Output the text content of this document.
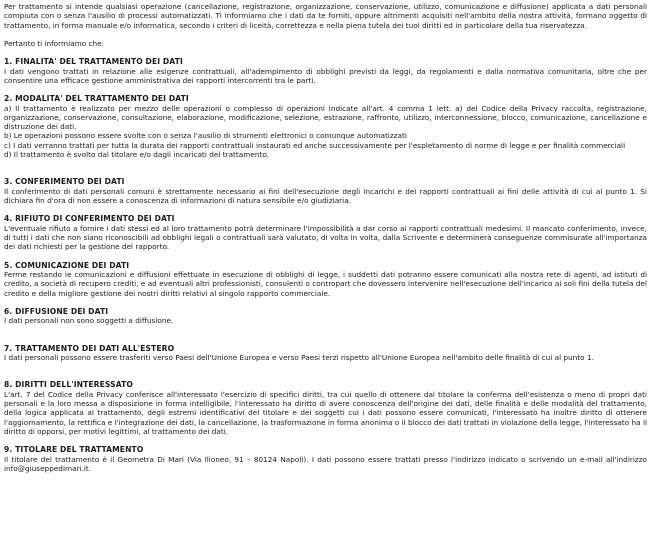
Per trattamento si intende qualsiasi operazione (cancellazione, registrazione, organizzazione, conservazione, utilizzo, comunicazione e diffusione) applicata a dati personali compiuta con o senza l'ausilio di processi automatizzati. Ti informiamo che i dati da te forniti, oppure altrimenti acquisiti nell'ambito della nostra attività, formano oggetto di trattamento, in forma manuale e/o informatica, secondo i criteri di liceità, correttezza e nella piena tutela dei tuoi diritti ed in particolare della tua riservatezza.

Pertanto ti informiamo che:

1. FINALITA' DEL TRATTAMENTO DEI DATI

I dati vengono trattati in relazione alle esigenze contrattuali, all'adempimento di obblighi previsti da leggi, da regolamenti e dalla normativa comunitaria, oltre che per consentire una efficace gestione amministrativa dei rapporti intercorrenti tra le parti.

2. MODALITA' DEL TRATTAMENTO DEI DATI

a) Il trattamento è realizzato per mezzo delle operazioni o complesso di operazioni indicate all'art. 4 comma 1 lett. a) del Codice della Privacy raccolta, registrazione, organizzazione, conservazione, consultazione, elaborazione, modificazione, selezione, estrazione, raffronto, utilizzo, interconnessione, blocco, comunicazione, cancellazione e distruzione dei dati.

b) Le operazioni possono essere svolte con o senza l'ausilio di strumenti elettronici o comunque automatizzati

c) I dati verranno trattati per tutta la durata dei rapporti contrattuali instaurati ed anche successivamente per l'espletamento di norme di legge e per finalità commerciali

d) Il trattamento è svolto dal titolare e/o dagli incaricati del trattamento.

3. CONFERIMENTO DEI DATI

Il conferimento di dati personali comuni è strettamente necessario ai fini dell'esecuzione degli incarichi e dei rapporti contrattuali ai fini delle attività di cui al punto 1. Si dichiara fin d'ora di non essere a conoscenza di informazioni di natura sensibile e/o giudiziaria.

4. RIFIUTO DI CONFERIMENTO DEI DATI

L'eventuale rifiuto a fornire i dati stessi ed al loro trattamento potrà determinare l'impossibilità a dar corso ai rapporti contrattuali medesimi. Il mancato conferimento, invece, di tutti i dati che non siano riconoscibili ad obblighi legali o contrattuali sarà valutato, di volta in volta, dalla Scrivente e determinerà conseguenze commisurate all'importanza dei dati richiesti per la gestione del rapporto.

5. COMUNICAZIONE DEI DATI

Ferme restando le comunicazioni e diffusioni effettuate in esecuzione di obblighi di legge, i suddetti dati potranno essere comunicati alla nostra rete di agenti, ad istituti di credito, a società di recupero crediti, e ad eventuali altri professionisti, consulenti o contropart che dovessero intervenire nell'esecuzione dell'incarico ai soli fini della tutela del credito e della migliore gestione dei nostri diritti relativi al singolo rapporto commerciale.

6. DIFFUSIONE DEI DATI

I dati personali non sono soggetti a diffusione.

7. TRATTAMENTO DEI DATI ALL'ESTERO

I dati personali possono essere trasferiti verso Paesi dell'Unione Europea e verso Paesi terzi rispetto all'Unione Europea nell'ambito delle finalità di cui al punto 1.

8. DIRITTI DELL'INTERESSATO

L'art. 7 del Codice della Privacy conferisce all'interessato l'esercizio di specifici diritti, tra cui quello di ottenere dal titolare la conferma dell'esistenza o meno di propri dati personali e la loro messa a disposizione in forma intelligibile, l'interessato ha diritto di avere conoscenza dell'origine dei dati, delle finalità e delle modalità del trattamento, della logica applicata al trattamento, degli estremi identificativi del titolare e dei soggetti cui i dati possono essere comunicati, l'interessato ha inoltre diritto di ottenere l'aggiornamento, la rettifica e l'integrazione dei dati, la cancellazione, la trasformazione in forma anonima o il blocco dei dati trattati in violazione della legge, l'interessato ha il diritto di opporsi, per motivi legittimi, al trattamento dei dati.

9. TITOLARE DEL TRATTAMENTO

Il titolare del trattamento è il Geometra Di Mari (Via Ilioneo, 91 – 80124 Napoli). I dati possono essere trattati presso l'indirizzo indicato o scrivendo un e-mail all'indirizzo info@giuseppedimari.it.
